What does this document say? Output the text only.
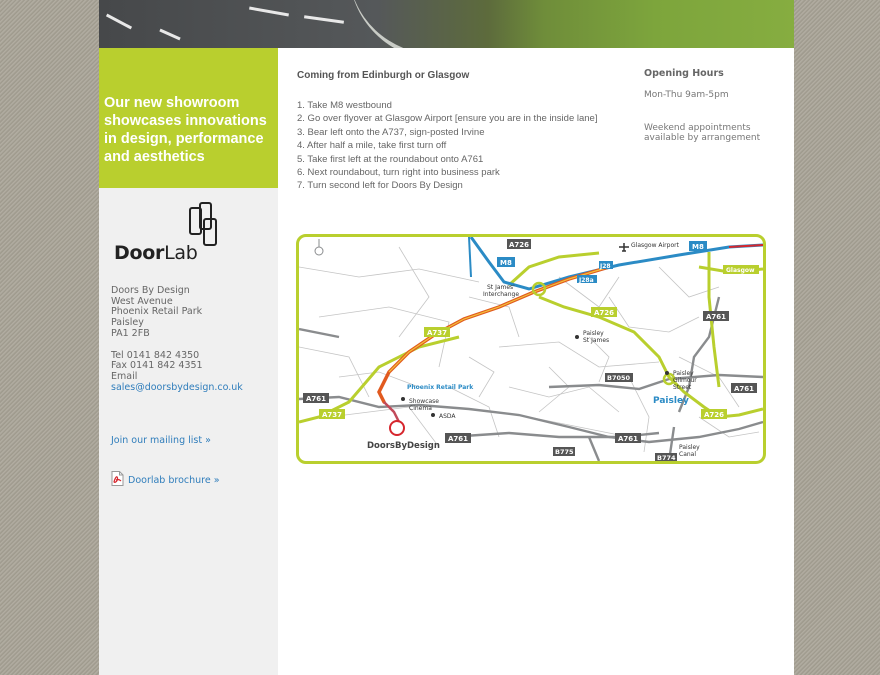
Our new showroom showcases innovations in design, performance and aesthetics

DoorLab
Doors By Design
West Avenue
Phoenix Retail Park
Paisley
PA1 2FB
Tel 0141 842 4350
Fax 0141 842 4351
Email
sales@doorsbydesign.co.uk
Join our mailing list »
Doorlab brochure »
Coming from Edinburgh or Glasgow
1. Take M8 westbound
2. Go over flyover at Glasgow Airport [ensure you are in the inside lane]
3. Bear left onto the A737, sign-posted Irvine
4. After half a mile, take first turn off
5. Take first left at the roundabout onto A761
6. Next roundabout, turn right into business park
7. Turn second left for Doors By Design
Opening Hours

Mon-Thu 9am-5pm

Weekend appointments

available by arrangement

A726
M8
M8
J28
J28a
A737
A737
A726
A726
A761
A761
A761
A761	A761
B7050
B775
B774
Glasgow
Glasgow Airport
St James'
Interchange
Paisley
St James
Phoenix Retail Park
Showcase
Cinema
ASDA
Paisley
Gilmour
Street
Paisley
Paisley
Canal
DoorsByDesign
